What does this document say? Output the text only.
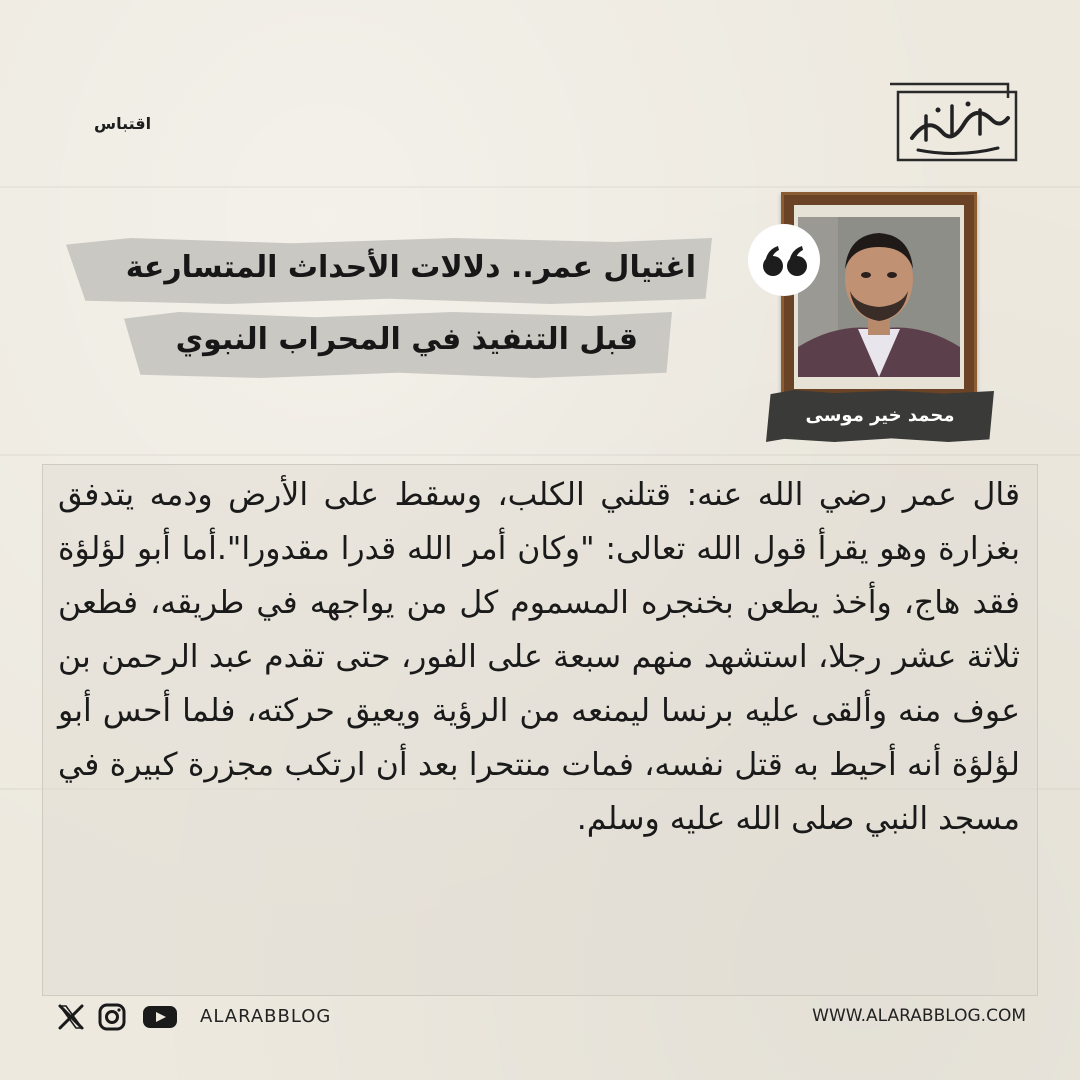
اقتباس
محمد خير موسى
اغتيال عمر.. دلالات الأحداث المتسارعة
قبل التنفيذ في المحراب النبوي
قال عمر رضي الله عنه: قتلني الكلب، وسقط على الأرض ودمه يتدفق بغزارة وهو يقرأ قول الله تعالى: "وكان أمر الله قدرا مقدورا".أما أبو لؤلؤة فقد هاج، وأخذ يطعن بخنجره المسموم كل من يواجهه في طريقه، فطعن ثلاثة عشر رجلا، استشهد منهم سبعة على الفور، حتى تقدم عبد الرحمن بن عوف منه وألقى عليه برنسا ليمنعه من الرؤية ويعيق حركته، فلما أحس أبو لؤلؤة أنه أحيط به قتل نفسه، فمات منتحرا بعد أن ارتكب مجزرة كبيرة في مسجد النبي صلى الله عليه وسلم.
ALARABBLOG	WWW.ALARABBLOG.COM
